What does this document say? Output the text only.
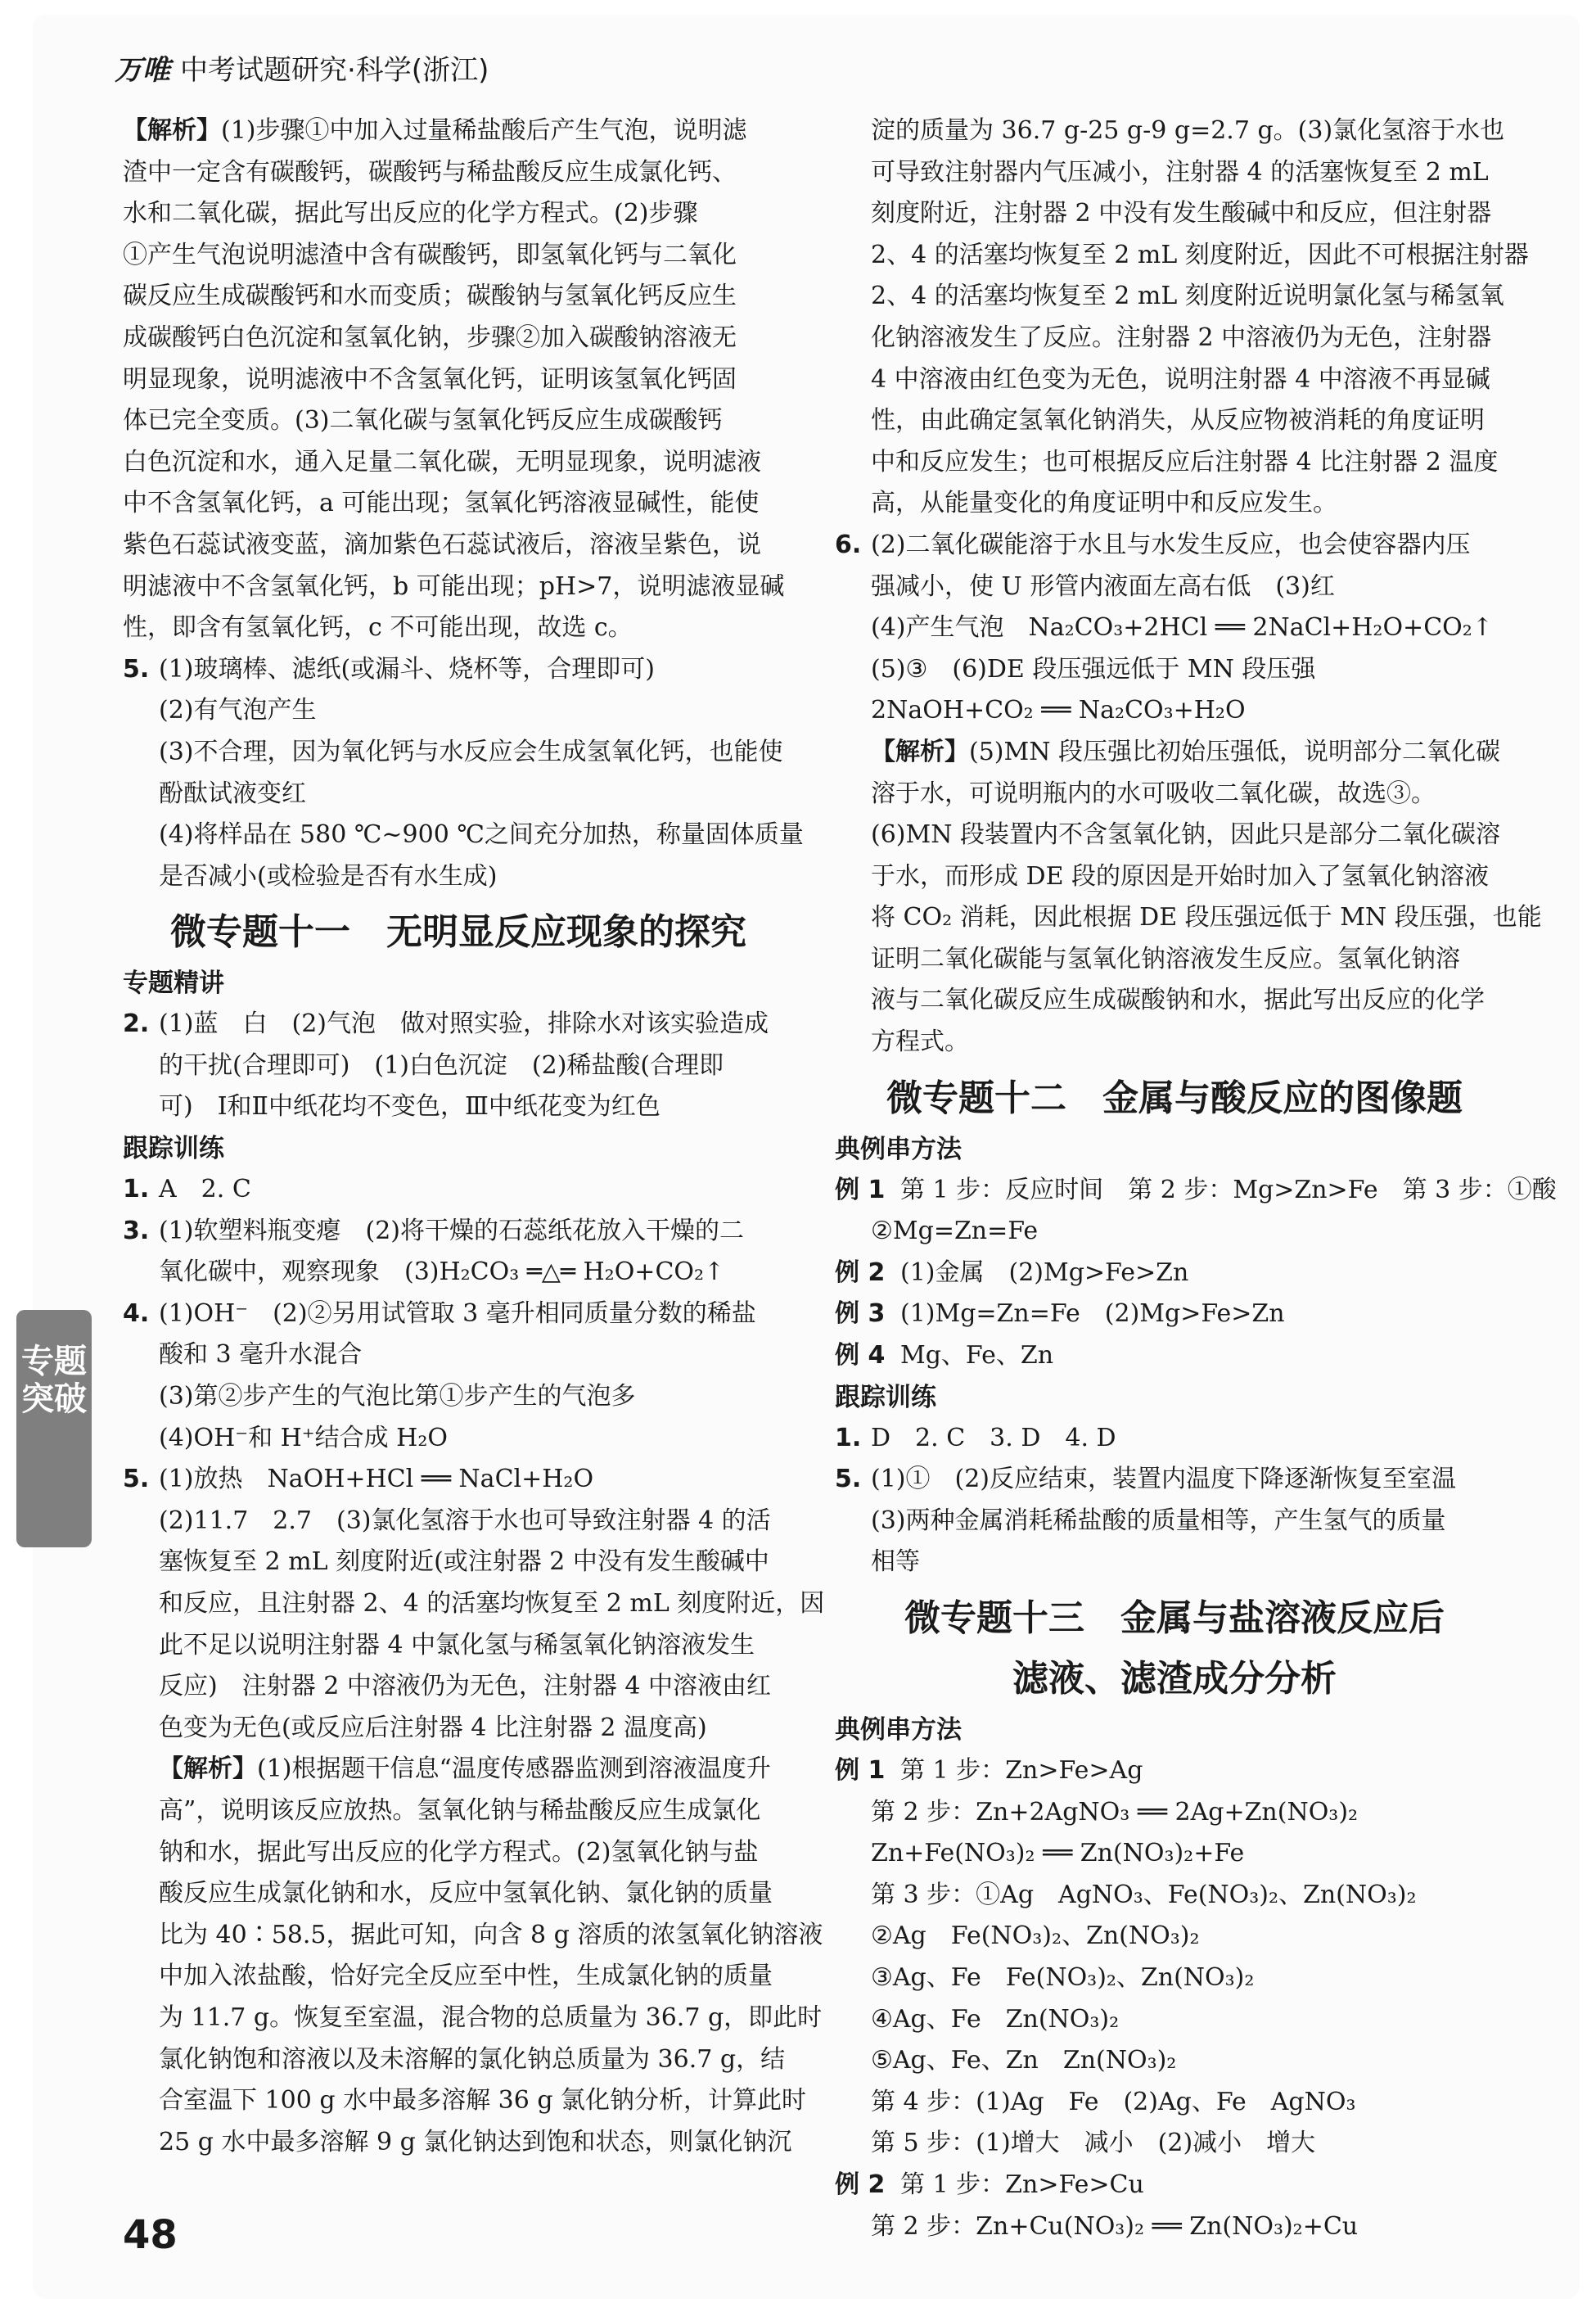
万唯 中考试题研究·科学(浙江)
【解析】(1)步骤①中加入过量稀盐酸后产生气泡，说明滤
渣中一定含有碳酸钙，碳酸钙与稀盐酸反应生成氯化钙、
水和二氧化碳，据此写出反应的化学方程式。(2)步骤
①产生气泡说明滤渣中含有碳酸钙，即氢氧化钙与二氧化
碳反应生成碳酸钙和水而变质；碳酸钠与氢氧化钙反应生
成碳酸钙白色沉淀和氢氧化钠，步骤②加入碳酸钠溶液无
明显现象，说明滤液中不含氢氧化钙，证明该氢氧化钙固
体已完全变质。(3)二氧化碳与氢氧化钙反应生成碳酸钙
白色沉淀和水，通入足量二氧化碳，无明显现象，说明滤液
中不含氢氧化钙，a 可能出现；氢氧化钙溶液显碱性，能使
紫色石蕊试液变蓝，滴加紫色石蕊试液后，溶液呈紫色，说
明滤液中不含氢氧化钙，b 可能出现；pH>7，说明滤液显碱
性，即含有氢氧化钙，c 不可能出现，故选 c。
5. (1)玻璃棒、滤纸(或漏斗、烧杯等，合理即可)
(2)有气泡产生
(3)不合理，因为氧化钙与水反应会生成氢氧化钙，也能使
酚酞试液变红
(4)将样品在 580 ℃~900 ℃之间充分加热，称量固体质量
是否减小(或检验是否有水生成)
微专题十一　无明显反应现象的探究
专题精讲
2. (1)蓝　白　(2)气泡　做对照实验，排除水对该实验造成
的干扰(合理即可)　(1)白色沉淀　(2)稀盐酸(合理即
可)　Ⅰ和Ⅱ中纸花均不变色，Ⅲ中纸花变为红色
跟踪训练
1. A　2. C
3. (1)软塑料瓶变瘪　(2)将干燥的石蕊纸花放入干燥的二
氧化碳中，观察现象　(3)H₂CO₃ ═△═ H₂O+CO₂↑
4. (1)OH⁻　(2)②另用试管取 3 毫升相同质量分数的稀盐
酸和 3 毫升水混合
(3)第②步产生的气泡比第①步产生的气泡多
(4)OH⁻和 H⁺结合成 H₂O
5. (1)放热　NaOH+HCl ══ NaCl+H₂O
(2)11.7　2.7　(3)氯化氢溶于水也可导致注射器 4 的活
塞恢复至 2 mL 刻度附近(或注射器 2 中没有发生酸碱中
和反应，且注射器 2、4 的活塞均恢复至 2 mL 刻度附近，因
此不足以说明注射器 4 中氯化氢与稀氢氧化钠溶液发生
反应)　注射器 2 中溶液仍为无色，注射器 4 中溶液由红
色变为无色(或反应后注射器 4 比注射器 2 温度高)
【解析】(1)根据题干信息“温度传感器监测到溶液温度升
高”，说明该反应放热。氢氧化钠与稀盐酸反应生成氯化
钠和水，据此写出反应的化学方程式。(2)氢氧化钠与盐
酸反应生成氯化钠和水，反应中氢氧化钠、氯化钠的质量
比为 40∶58.5，据此可知，向含 8 g 溶质的浓氢氧化钠溶液
中加入浓盐酸，恰好完全反应至中性，生成氯化钠的质量
为 11.7 g。恢复至室温，混合物的总质量为 36.7 g，即此时
氯化钠饱和溶液以及未溶解的氯化钠总质量为 36.7 g，结
合室温下 100 g 水中最多溶解 36 g 氯化钠分析，计算此时
25 g 水中最多溶解 9 g 氯化钠达到饱和状态，则氯化钠沉
淀的质量为 36.7 g-25 g-9 g=2.7 g。(3)氯化氢溶于水也
可导致注射器内气压减小，注射器 4 的活塞恢复至 2 mL
刻度附近，注射器 2 中没有发生酸碱中和反应，但注射器
2、4 的活塞均恢复至 2 mL 刻度附近，因此不可根据注射器
2、4 的活塞均恢复至 2 mL 刻度附近说明氯化氢与稀氢氧
化钠溶液发生了反应。注射器 2 中溶液仍为无色，注射器
4 中溶液由红色变为无色，说明注射器 4 中溶液不再显碱
性，由此确定氢氧化钠消失，从反应物被消耗的角度证明
中和反应发生；也可根据反应后注射器 4 比注射器 2 温度
高，从能量变化的角度证明中和反应发生。
6. (2)二氧化碳能溶于水且与水发生反应，也会使容器内压
强减小，使 U 形管内液面左高右低　(3)红
(4)产生气泡　Na₂CO₃+2HCl ══ 2NaCl+H₂O+CO₂↑
(5)③　(6)DE 段压强远低于 MN 段压强
2NaOH+CO₂ ══ Na₂CO₃+H₂O
【解析】(5)MN 段压强比初始压强低，说明部分二氧化碳
溶于水，可说明瓶内的水可吸收二氧化碳，故选③。
(6)MN 段装置内不含氢氧化钠，因此只是部分二氧化碳溶
于水，而形成 DE 段的原因是开始时加入了氢氧化钠溶液
将 CO₂ 消耗，因此根据 DE 段压强远低于 MN 段压强，也能
证明二氧化碳能与氢氧化钠溶液发生反应。氢氧化钠溶
液与二氧化碳反应生成碳酸钠和水，据此写出反应的化学
方程式。
微专题十二　金属与酸反应的图像题
典例串方法
例 1 第 1 步：反应时间　第 2 步：Mg>Zn>Fe　第 3 步：①酸
②Mg=Zn=Fe
例 2 (1)金属　(2)Mg>Fe>Zn
例 3 (1)Mg=Zn=Fe　(2)Mg>Fe>Zn
例 4 Mg、Fe、Zn
跟踪训练
1. D　2. C　3. D　4. D
5. (1)①　(2)反应结束，装置内温度下降逐渐恢复至室温
(3)两种金属消耗稀盐酸的质量相等，产生氢气的质量
相等
微专题十三　金属与盐溶液反应后
滤液、滤渣成分分析
典例串方法
例 1 第 1 步：Zn>Fe>Ag
第 2 步：Zn+2AgNO₃ ══ 2Ag+Zn(NO₃)₂
Zn+Fe(NO₃)₂ ══ Zn(NO₃)₂+Fe
第 3 步：①Ag　AgNO₃、Fe(NO₃)₂、Zn(NO₃)₂
②Ag　Fe(NO₃)₂、Zn(NO₃)₂
③Ag、Fe　Fe(NO₃)₂、Zn(NO₃)₂
④Ag、Fe　Zn(NO₃)₂
⑤Ag、Fe、Zn　Zn(NO₃)₂
第 4 步：(1)Ag　Fe　(2)Ag、Fe　AgNO₃
第 5 步：(1)增大　减小　(2)减小　增大
例 2 第 1 步：Zn>Fe>Cu
第 2 步：Zn+Cu(NO₃)₂ ══ Zn(NO₃)₂+Cu
专题突破
48
